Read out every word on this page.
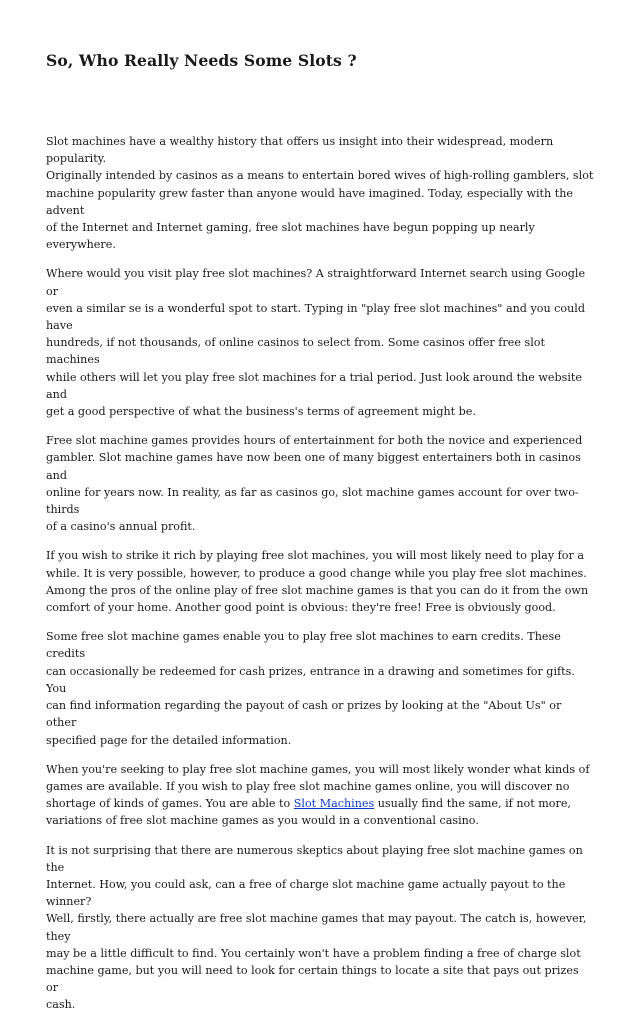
So, Who Really Needs Some Slots ?

Slot machines have a wealthy history that offers us insight into their widespread, modern popularity.
Originally intended by casinos as a means to entertain bored wives of high-rolling gamblers, slot
machine popularity grew faster than anyone would have imagined. Today, especially with the advent
of the Internet and Internet gaming, free slot machines have begun popping up nearly everywhere.

Where would you visit play free slot machines? A straightforward Internet search using Google or
even a similar se is a wonderful spot to start. Typing in "play free slot machines" and you could have
hundreds, if not thousands, of online casinos to select from. Some casinos offer free slot machines
while others will let you play free slot machines for a trial period. Just look around the website and
get a good perspective of what the business's terms of agreement might be.

Free slot machine games provides hours of entertainment for both the novice and experienced
gambler. Slot machine games have now been one of many biggest entertainers both in casinos and
online for years now. In reality, as far as casinos go, slot machine games account for over two-thirds
of a casino's annual profit.

If you wish to strike it rich by playing free slot machines, you will most likely need to play for a
while. It is very possible, however, to produce a good change while you play free slot machines.
Among the pros of the online play of free slot machine games is that you can do it from the own
comfort of your home. Another good point is obvious: they're free! Free is obviously good.

Some free slot machine games enable you to play free slot machines to earn credits. These credits
can occasionally be redeemed for cash prizes, entrance in a drawing and sometimes for gifts. You
can find information regarding the payout of cash or prizes by looking at the "About Us" or other
specified page for the detailed information.

When you're seeking to play free slot machine games, you will most likely wonder what kinds of
games are available. If you wish to play free slot machine games online, you will discover no
shortage of kinds of games. You are able to Slot Machines usually find the same, if not more,
variations of free slot machine games as you would in a conventional casino.

It is not surprising that there are numerous skeptics about playing free slot machine games on the
Internet. How, you could ask, can a free of charge slot machine game actually payout to the winner?
Well, firstly, there actually are free slot machine games that may payout. The catch is, however, they
may be a little difficult to find. You certainly won't have a problem finding a free of charge slot
machine game, but you will need to look for certain things to locate a site that pays out prizes or
cash.
